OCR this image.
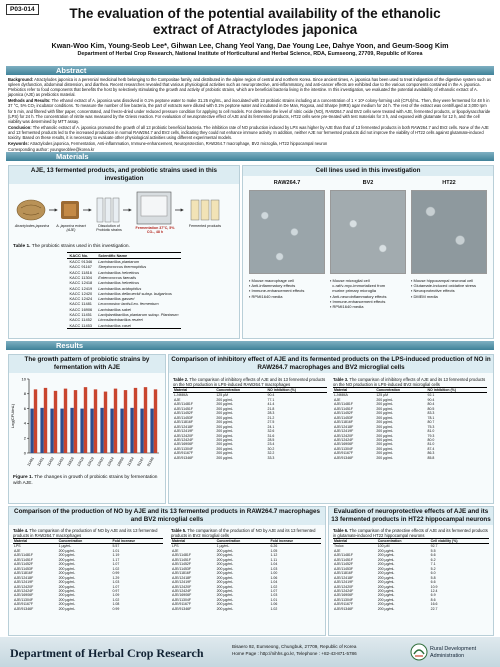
P03-014	The evaluation of the potential availability of the ethanolic extract of Atractylodes japonica
Kwan-Woo Kim, Young-Seob Lee*, Gihwan Lee, Chang Yeol Yang, Dae Young Lee, Dahye Yoon, and Geum-Soog Kim
Department of Herbal Crop Research, National Institute of Horticultural and Herbal Science, RDA, Eumseong, 27709, Republic of Korea
Abstract

Background: Atractylodes japonica is a perennial medicinal herb belonging to the Compositae family, and distributed in the alpine region of central and northern Korea. Since ancient times, A. japonica has been used to treat indigestion of the digestive system such as spleen dysfunction, abdominal distension, and diarrhea. Recent researches revealed that various physiological activities such as neuroprotective, anti-inflammatory, and anti-cancer effects are exhibited due to the various components contained in the A. japonica. Prebiotics refer to food components that benefits the host by selectively stimulating the growth and activity of probiotic strains, which are beneficial bacteria living in the intestine. In this investigation, we evaluated the potential availability of ethanolic extract of A. japonica (AJE) as prebiotics material.

Methods and Results: The ethanol extract of A. japonica was dissolved in 0.1% peptone water to make 31.25 mg/mL, and inoculated with 13 probiotic strains including at a concentration of 1 × 10⁶ colony-forming unit (CFU)/mL. Then, they were fermented for 48 h in 37 °C, 5% CO₂ incubator conditions. To measure the number of live bacteria, the part of extracts were diluted with 0.1% peptone water and incubated in De Man, Rogosa, and Sharpe (MRS) agar medium for 24 h. The rest of the extract was centrifuged at 3,000 rpm for 5 min, and filtered with filter paper, concentrated, and freeze-dried under reduced pressure condition for applying to cell models. For determine the level of nitric oxide (NO), RAW264.7 and BV2 cells were treated with AJE, fermented products, or lipopolysaccharide (LPS) for 24 h. The concentration of nitrite was measured by the Griess reaction. For evaluation of neuroprotective effect of AJE and its fermented products, HT22 cells were pre-treated with test materials for 3 h, and exposed with glutamate for 12 h, and the cell viability was determined by MTT assay.

Conclusion: The ethanolic extract of A. japonica promoted the growth of all 13 probiotic beneficial bacteria. The inhibition rate of NO production induced by LPS was higher by AJE than that of 13 fermented products in both RAW264.7 and BV2 cells. None of the AJE and 13 fermented products led to the increased production in normal RAW264.7 and BV2 cells, indicating they could not enhance immune activity. In addition, neither AJE nor fermented products did not improve the viability of HT22 cells against glutamate-induced toxicity. Based on these results, it is necessary to evaluate other physiological activities using different experimental models.

Keywords: Atractylodes japonica, Fermentation, Anti-inflammation, Immune-enhancement, Neuroprotection, RAW264.7 macrophage, BV2 microglia, HT22 hippocampal neuron

Corresponding author: youngseoblee@korea.kr

Materials
AJE, 13 fermented products, and probiotic strains used in this investigation
Atractylodes japonica	A. japonica extract (AJE)
Dissolution of Probiotic strains	Fermentation 37°C, 5% CO₂, 48 h
Fermented products
Table 1. The probiotic strains used in this investigation.
KACC No.	Scientific Name
KACC 91346	Lactobacillus plantarum
KACC 91167	Streptococcus thermophilus
KACC 11816	Lactobacillus helveticus
KACC 11304	Enterococcus faecalis
KACC 12418	Lactobacillus helveticus
KACC 12419	Lactobacillus acidophilus
KACC 12420	Lactobacillus delbrueckii subsp. bulgaricus
KACC 12424	Lactobacillus gasseri
KACC 11481	Leuconostoc lactis/Leu. fermentum
KACC 16906	Lactobacillus sakei
KACC 11451	Lactiplantibacillus plantarum subsp. Plantarum
KACC 11452	Limosilactobacillus reuteri
KACC 11453	Lactobacillus casei
Cell lines used in this investigation
RAW264.7	BV2	HT22
▪ Mouse macrophage cell
▪ Anti-inflammatory effects
▪ Immune-enhancement effects
▪ RPMI1640 media
▪ Mouse microglial cell
c-raf/v-myc-immortalized from
murine primary microglia
▪ Anti-neuroinflammatory effects
▪ Immune-enhancement effects
▪ RPMI1640 media
▪ Mouse hippocampal neuronal cell
▪ Glutamate-induced oxidative stress
▪ Neuroprotective effects
▪ DMEM media
Results
The growth pattern of probiotic strains by fermentation with AJE
0
2
4
6
8
10
Log(CFU/mL)
11481 11451 11452 11453 11816 12418 12419 12420 12424 16906 11304 91167 91346
Figure 1. The changes in growth of probiotic strains by fermentation with AJE.
Comparison of inhibitory effect of AJE and its fermented products on the LPS-induced production of NO in RAW264.7 macrophages and BV2 microglial cells
Table 2. The comparison of inhibitory effects of AJE and its 13 fermented products on the NO production in LPS-induced RAW264.7 macrophages
Material	Concentration	NO inhibition (%)
L-NMMA	125 μM	90.4
AJE	200 μg/mL	77.1
AJE/11481F	200 μg/mL	41.4
AJE/11451F	200 μg/mL	21.8
AJE/11452F	200 μg/mL	28.3
AJE/11453F	200 μg/mL	21.2
AJE/11816F	200 μg/mL	27.5
AJE/12418F	200 μg/mL	24.1
AJE/12419F	200 μg/mL	32.6
AJE/12420F	200 μg/mL	31.6
AJE/12424F	200 μg/mL	28.5
AJE/16906F	200 μg/mL	23.4
AJE/11304F	200 μg/mL	30.2
AJE/91167F	200 μg/mL	32.2
AJE/91346F	200 μg/mL	33.3
Table 3. The comparison of inhibitory effects of AJE and its 13 fermented products on the NO production in LPS-induced BV2 microglial cells
Material	Concentration	NO inhibition (%)
L-NMMA	125 μM	92.1
AJE	200 μg/mL	90.4
AJE/11481F	200 μg/mL	80.4
AJE/11451F	200 μg/mL	80.5
AJE/11452F	200 μg/mL	83.3
AJE/11453F	200 μg/mL	78.1
AJE/11816F	200 μg/mL	80.7
AJE/12418F	200 μg/mL	75.3
AJE/12419F	200 μg/mL	81.0
AJE/12420F	200 μg/mL	79.3
AJE/12424F	200 μg/mL	80.0
AJE/16906F	200 μg/mL	81.0
AJE/11304F	200 μg/mL	87.4
AJE/91167F	200 μg/mL	86.3
AJE/91346F	200 μg/mL	85.8
Comparison of the production of NO by AJE and its 13 fermented products in RAW264.7 macrophages and BV2 microglial cells
Table 4. The comparison of the production of NO by AJE and its 13 fermented products in RAW264.7 macrophages
Material	Concentration	Fold increase
LPS	1 μg/mL	5.57
AJE	200 μg/mL	1.01
AJE/11481F	200 μg/mL	1.19
AJE/11451F	200 μg/mL	1.17
AJE/11452F	200 μg/mL	1.07
AJE/11453F	200 μg/mL	1.02
AJE/11816F	200 μg/mL	0.99
AJE/12418F	200 μg/mL	1.29
AJE/12419F	200 μg/mL	1.03
AJE/12420F	200 μg/mL	1.07
AJE/12424F	200 μg/mL	0.97
AJE/16906F	200 μg/mL	1.09
AJE/11304F	200 μg/mL	1.02
AJE/91167F	200 μg/mL	1.08
AJE/91346F	200 μg/mL	0.99
Table 5. The comparison of the production of NO by AJE and its 13 fermented products in BV2 microglial cells
Material	Concentration	Fold increase
LPS	1 μg/mL	6.26
AJE	200 μg/mL	1.05
AJE/11481F	200 μg/mL	1.12
AJE/11451F	200 μg/mL	1.11
AJE/11452F	200 μg/mL	1.04
AJE/11453F	200 μg/mL	1.03
AJE/11816F	200 μg/mL	1.00
AJE/12418F	200 μg/mL	1.06
AJE/12419F	200 μg/mL	1.04
AJE/12420F	200 μg/mL	1.02
AJE/12424F	200 μg/mL	1.07
AJE/16906F	200 μg/mL	1.03
AJE/11304F	200 μg/mL	1.01
AJE/91167F	200 μg/mL	1.06
AJE/91346F	200 μg/mL	1.02
Evaluation of neuroprotective effects of AJE and its 13 fermented products in HT22 hippocampal neurons
Table 6. The comparison of the protective effects of AJE and its fermented products in glutamate-induced HT22 hippocampal neurons
Material	Concentration	Cell viability (%)
Trolox	100 μM	92.7
AJE	200 μg/mL	5.5
AJE/11481F	200 μg/mL	6.6
AJE/11451F	200 μg/mL	6.2
AJE/11452F	200 μg/mL	7.1
AJE/11453F	200 μg/mL	5.2
AJE/11816F	200 μg/mL	6.0
AJE/12418F	200 μg/mL	5.8
AJE/12419F	200 μg/mL	6.6
AJE/12420F	200 μg/mL	10.9
AJE/12424F	200 μg/mL	12.4
AJE/16906F	200 μg/mL	6.9
AJE/11304F	200 μg/mL	8.6
AJE/91167F	200 μg/mL	16.6
AJE/91346F	200 μg/mL	22.7
Department of Herbal Crop Research	Bisaero 92, Eumseong, Chungbuk, 27709, Republic of Korea
Home Page : http://nihhs.go.kr, Telephone : +82-43-871-5786
Rural Development
Administration
